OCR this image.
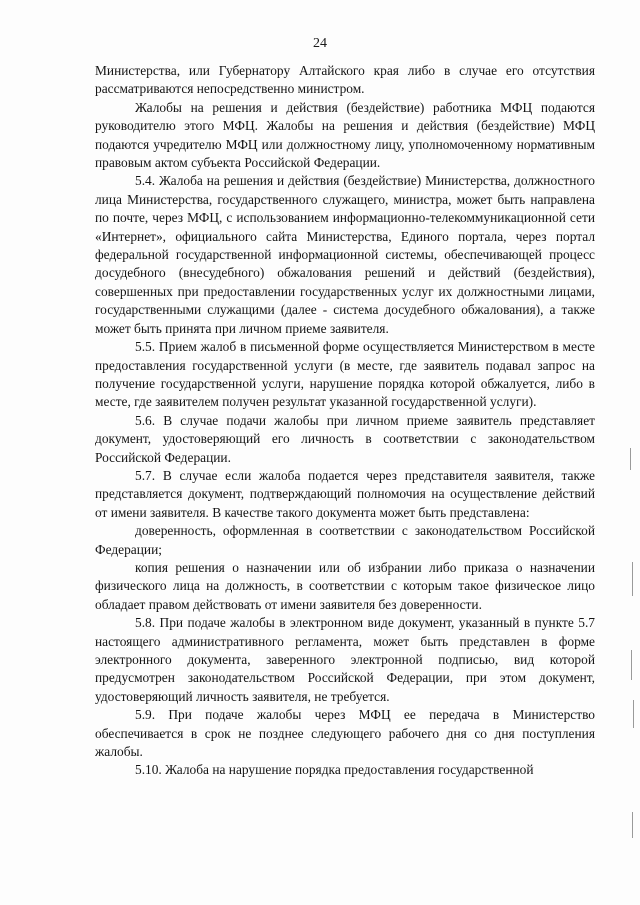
24

Министерства, или Губернатору Алтайского края либо в случае его отсутствия рассматриваются непосредственно министром.

Жалобы на решения и действия (бездействие) работника МФЦ подаются руководителю этого МФЦ. Жалобы на решения и действия (бездействие) МФЦ подаются учредителю МФЦ или должностному лицу, уполномоченному нормативным правовым актом субъекта Российской Федерации.

5.4. Жалоба на решения и действия (бездействие) Министерства, должностного лица Министерства, государственного служащего, министра, может быть направлена по почте, через МФЦ, с использованием информационно-телекоммуникационной сети «Интернет», официального сайта Министерства, Единого портала, через портал федеральной государственной информационной системы, обеспечивающей процесс досудебного (внесудебного) обжалования решений и действий (бездействия), совершенных при предоставлении государственных услуг их должностными лицами, государственными служащими (далее - система досудебного обжалования), а также может быть принята при личном приеме заявителя.

5.5. Прием жалоб в письменной форме осуществляется Министерством в месте предоставления государственной услуги (в месте, где заявитель подавал запрос на получение государственной услуги, нарушение порядка которой обжалуется, либо в месте, где заявителем получен результат указанной государственной услуги).

5.6. В случае подачи жалобы при личном приеме заявитель представляет документ, удостоверяющий его личность в соответствии с законодательством Российской Федерации.

5.7. В случае если жалоба подается через представителя заявителя, также представляется документ, подтверждающий полномочия на осуществление действий от имени заявителя. В качестве такого документа может быть представлена:

доверенность, оформленная в соответствии с законодательством Российской Федерации;

копия решения о назначении или об избрании либо приказа о назначении физического лица на должность, в соответствии с которым такое физическое лицо обладает правом действовать от имени заявителя без доверенности.

5.8. При подаче жалобы в электронном виде документ, указанный в пункте 5.7 настоящего административного регламента, может быть представлен в форме электронного документа, заверенного электронной подписью, вид которой предусмотрен законодательством Российской Федерации, при этом документ, удостоверяющий личность заявителя, не требуется.

5.9. При подаче жалобы через МФЦ ее передача в Министерство обеспечивается в срок не позднее следующего рабочего дня со дня поступления жалобы.

5.10. Жалоба на нарушение порядка предоставления государственной
